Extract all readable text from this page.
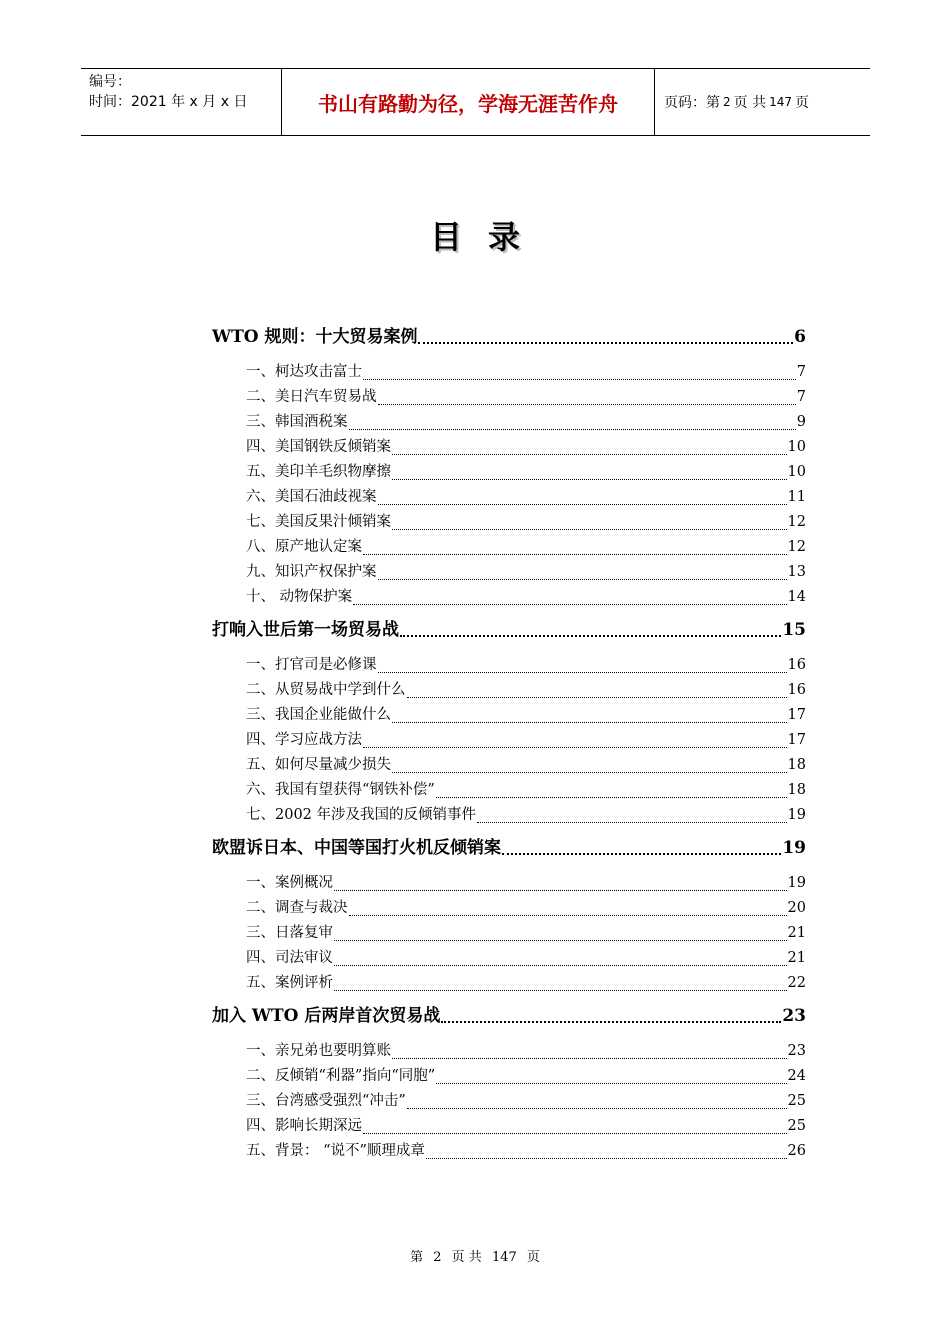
编号：
时间：2021 年 x 月 x 日	书山有路勤为径，学海无涯苦作舟	页码：第 2 页 共 147 页
目录
WTO 规则：十大贸易案例	6
一、柯达攻击富士	7
二、美日汽车贸易战	7
三、韩国酒税案	9
四、美国钢铁反倾销案	10
五、美印羊毛织物摩擦	10
六、美国石油歧视案	11
七、美国反果汁倾销案	12
八、原产地认定案	12
九、知识产权保护案	13
十、 动物保护案	14
打响入世后第一场贸易战	15
一、打官司是必修课	16
二、从贸易战中学到什么	16
三、我国企业能做什么	17
四、学习应战方法	17
五、如何尽量减少损失	18
六、我国有望获得“钢铁补偿”	18
七、2002 年涉及我国的反倾销事件	19
欧盟诉日本、中国等国打火机反倾销案	19
一、案例概况	19
二、调查与裁决	20
三、日落复审	21
四、司法审议	21
五、案例评析	22
加入 WTO 后两岸首次贸易战	23
一、亲兄弟也要明算账	23
二、反倾销“利器”指向“同胞”	24
三、台湾感受强烈“冲击”	25
四、影响长期深远	25
五、背景： “说不”顺理成章	26
第 2 页 共 147 页
